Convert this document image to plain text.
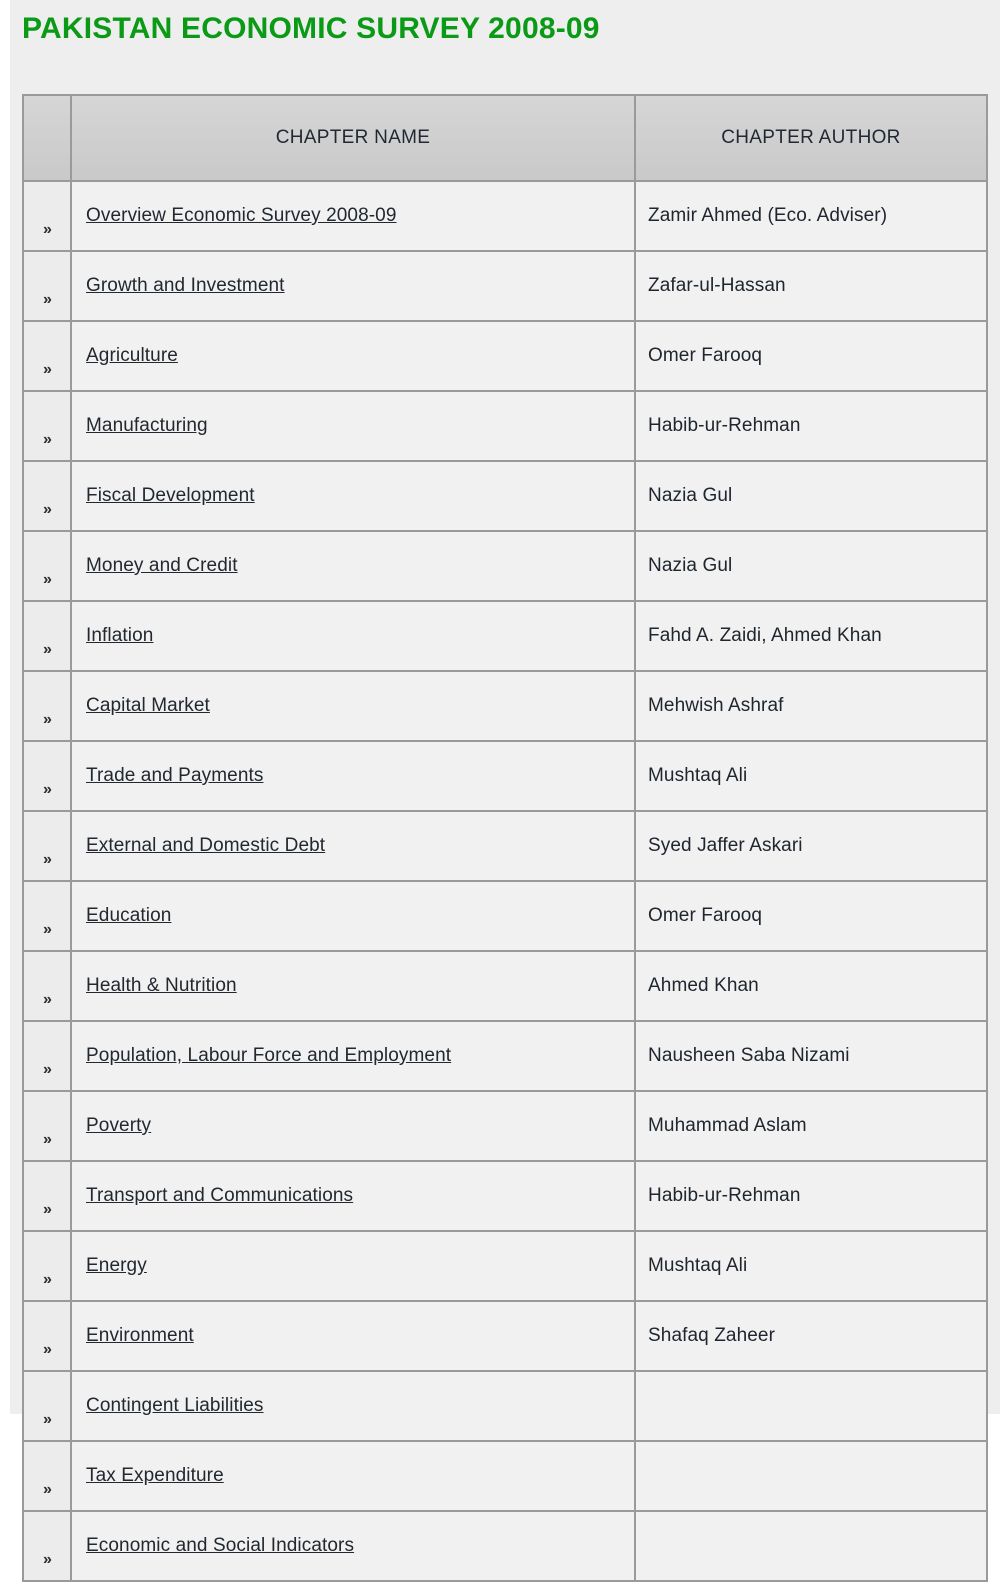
PAKISTAN ECONOMIC SURVEY 2008-09
	CHAPTER NAME	CHAPTER AUTHOR
»	Overview Economic Survey 2008-09	Zamir Ahmed (Eco. Adviser)
»	Growth and Investment	Zafar-ul-Hassan
»	Agriculture	Omer Farooq
»	Manufacturing	Habib-ur-Rehman
»	Fiscal Development	Nazia Gul
»	Money and Credit	Nazia Gul
»	Inflation	Fahd A. Zaidi, Ahmed Khan
»	Capital Market	Mehwish Ashraf
»	Trade and Payments	Mushtaq Ali
»	External and Domestic Debt	Syed Jaffer Askari
»	Education	Omer Farooq
»	Health & Nutrition	Ahmed Khan
»	Population, Labour Force and Employment	Nausheen Saba Nizami
»	Poverty	Muhammad Aslam
»	Transport and Communications	Habib-ur-Rehman
»	Energy	Mushtaq Ali
»	Environment	Shafaq Zaheer
»	Contingent Liabilities	
»	Tax Expenditure	
»	Economic and Social Indicators	
